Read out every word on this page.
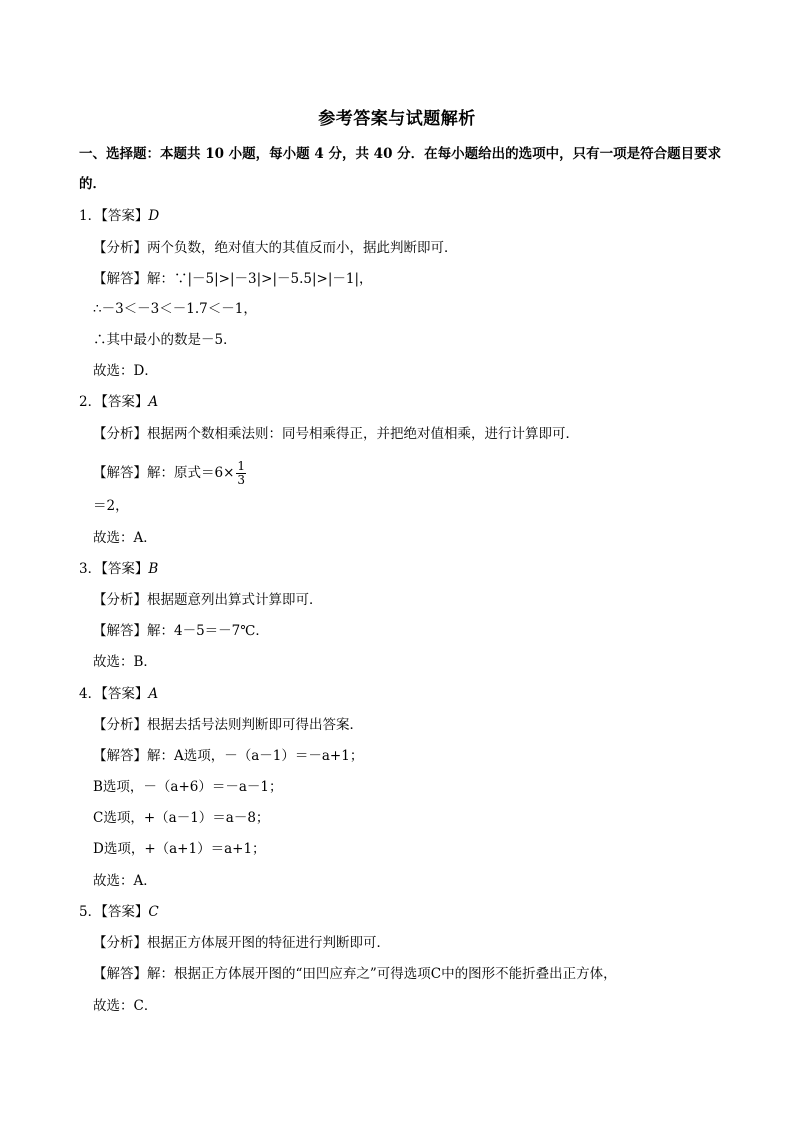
参考答案与试题解析
一、选择题：本题共 10 小题，每小题 4 分，共 40 分．在每小题给出的选项中，只有一项是符合题目要求
的．
1．【答案】D
【分析】两个负数，绝对值大的其值反而小，据此判断即可．
【解答】解：∵|－5|>|－3|>|－5.5|>|－1|，
∴－3＜－3＜－1.7＜－1，
∴其中最小的数是－5．
故选：D．
2．【答案】A
【分析】根据两个数相乘法则：同号相乘得正，并把绝对值相乘，进行计算即可．
【解答】解：原式$=6\times \frac{1}{3}$
＝2，
故选：A．
3．【答案】B
【分析】根据题意列出算式计算即可．
【解答】解：4－5＝－7℃．
故选：B．
4．【答案】A
【分析】根据去括号法则判断即可得出答案．
【解答】解：A选项，－（a－1）＝－a+1；
B选项，－（a+6）＝－a－1；
C选项，+（a－1）＝a－8；
D选项，+（a+1）＝a+1；
故选：A．
5．【答案】C
【分析】根据正方体展开图的特征进行判断即可．
【解答】解：根据正方体展开图的“田凹应弃之”可得选项C中的图形不能折叠出正方体，
故选：C．
